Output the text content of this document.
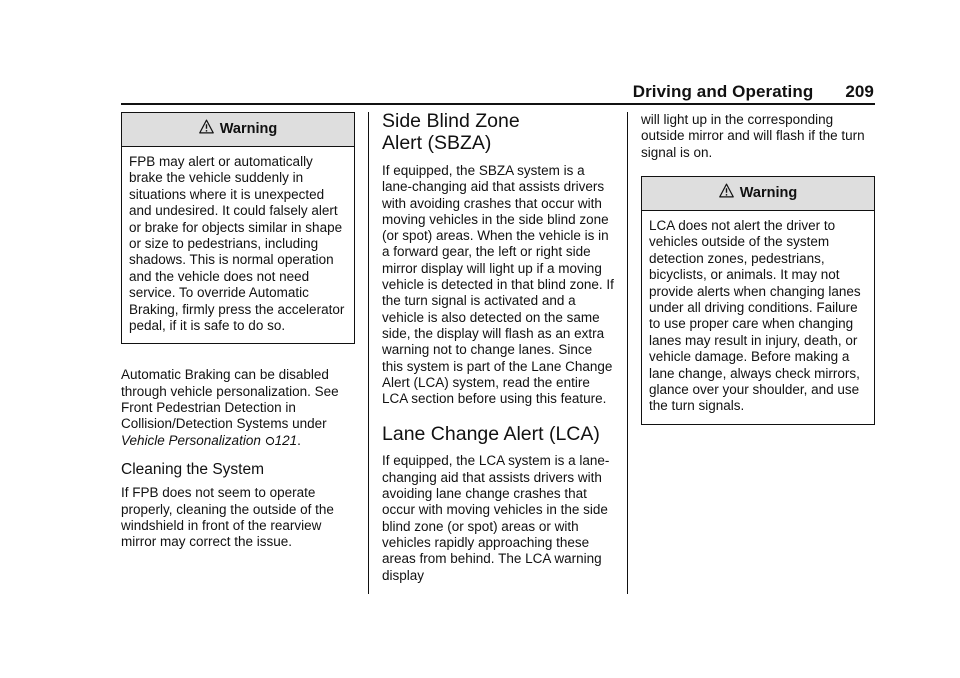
Driving and Operating 209
Warning
FPB may alert or automatically brake the vehicle suddenly in situations where it is unexpected and undesired. It could falsely alert or brake for objects similar in shape or size to pedestrians, including shadows. This is normal operation and the vehicle does not need service. To override Automatic Braking, firmly press the accelerator pedal, if it is safe to do so.

Automatic Braking can be disabled through vehicle personalization. See Front Pedestrian Detection in Collision/Detection Systems under Vehicle Personalization 121.

Cleaning the System

If FPB does not seem to operate properly, cleaning the outside of the windshield in front of the rearview mirror may correct the issue.

Side Blind Zone
Alert (SBZA)

If equipped, the SBZA system is a lane-changing aid that assists drivers with avoiding crashes that occur with moving vehicles in the side blind zone (or spot) areas. When the vehicle is in a forward gear, the left or right side mirror display will light up if a moving vehicle is detected in that blind zone. If the turn signal is activated and a vehicle is also detected on the same side, the display will flash as an extra warning not to change lanes. Since this system is part of the Lane Change Alert (LCA) system, read the entire LCA section before using this feature.

Lane Change Alert (LCA)

If equipped, the LCA system is a lane-changing aid that assists drivers with avoiding lane change crashes that occur with moving vehicles in the side blind zone (or spot) areas or with vehicles rapidly approaching these areas from behind. The LCA warning display

will light up in the corresponding outside mirror and will flash if the turn signal is on.

Warning
LCA does not alert the driver to vehicles outside of the system detection zones, pedestrians, bicyclists, or animals. It may not provide alerts when changing lanes under all driving conditions. Failure to use proper care when changing lanes may result in injury, death, or vehicle damage. Before making a lane change, always check mirrors, glance over your shoulder, and use the turn signals.
